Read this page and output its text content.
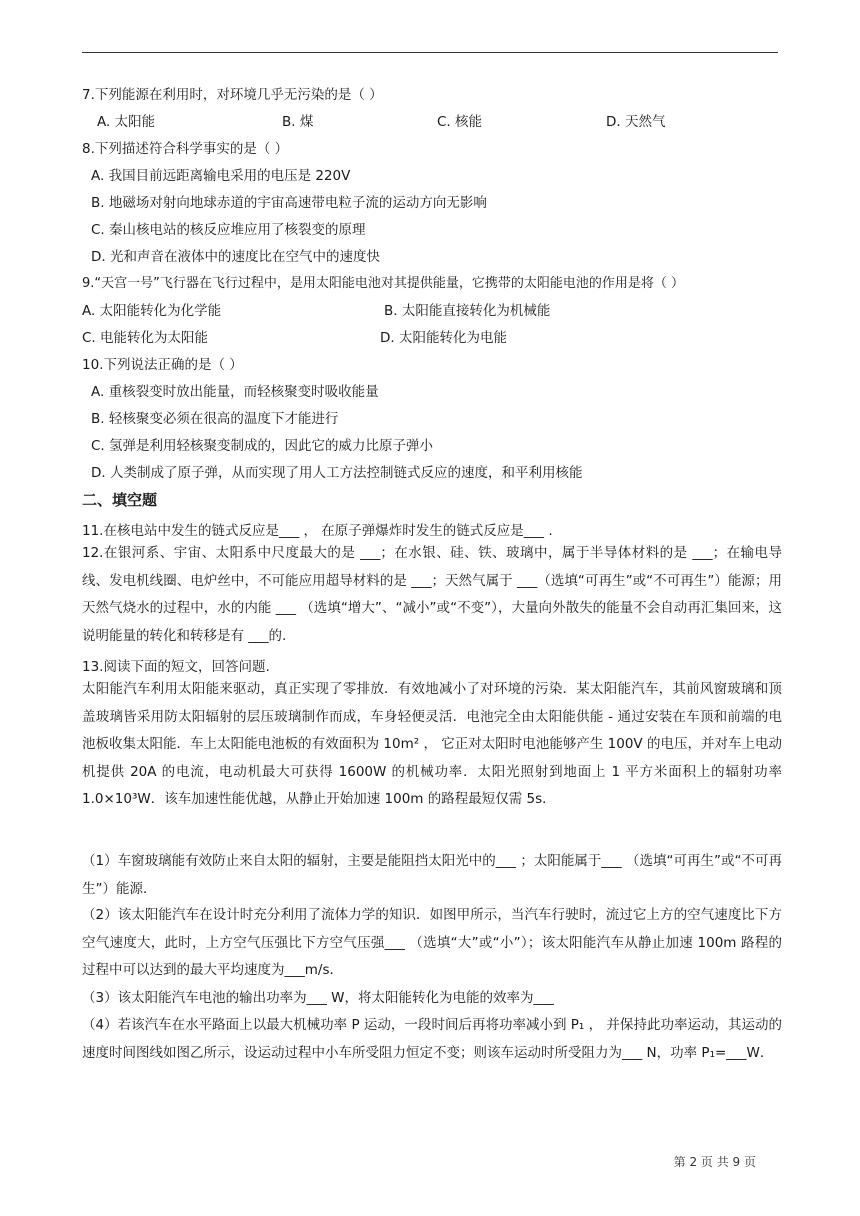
7.下列能源在利用时，对环境几乎无污染的是（ ）
A. 太阳能	B. 煤	C. 核能	D. 天然气
8.下列描述符合科学事实的是（ ）
A. 我国目前远距离输电采用的电压是 220V
B. 地磁场对射向地球赤道的宇宙高速带电粒子流的运动方向无影响
C. 秦山核电站的核反应堆应用了核裂变的原理
D. 光和声音在液体中的速度比在空气中的速度快
9.“天宫一号”飞行器在飞行过程中，是用太阳能电池对其提供能量，它携带的太阳能电池的作用是将（ ）
A. 太阳能转化为化学能	B. 太阳能直接转化为机械能
C. 电能转化为太阳能	D. 太阳能转化为电能
10.下列说法正确的是（ ）
A. 重核裂变时放出能量，而轻核聚变时吸收能量
B. 轻核聚变必须在很高的温度下才能进行
C. 氢弹是利用轻核聚变制成的，因此它的威力比原子弹小
D. 人类制成了原子弹，从而实现了用人工方法控制链式反应的速度，和平利用核能
二、填空题
11.在核电站中发生的链式反应是___ ， 在原子弹爆炸时发生的链式反应是___ .
12.在银河系、宇宙、太阳系中尺度最大的是 ___；在水银、硅、铁、玻璃中，属于半导体材料的是 ___；在输电导线、发电机线圈、电炉丝中，不可能应用超导材料的是 ___；天然气属于 ___（选填“可再生”或“不可再生”）能源；用天然气烧水的过程中，水的内能 ___ （选填“增大”、“减小”或“不变”），大量向外散失的能量不会自动再汇集回来，这说明能量的转化和转移是有 ___的.
13.阅读下面的短文，回答问题.
太阳能汽车利用太阳能来驱动，真正实现了零排放．有效地减小了对环境的污染．某太阳能汽车，其前风窗玻璃和顶盖玻璃皆采用防太阳辐射的层压玻璃制作而成，车身轻便灵活．电池完全由太阳能供能 - 通过安装在车顶和前端的电池板收集太阳能．车上太阳能电池板的有效面积为 10m² ， 它正对太阳时电池能够产生 100V 的电压，并对车上电动机提供 20A 的电流，电动机最大可获得 1600W 的机械功率．太阳光照射到地面上 1 平方米面积上的辐射功率 1.0×10³W．该车加速性能优越，从静止开始加速 100m 的路程最短仅需 5s．
（1）车窗玻璃能有效防止来自太阳的辐射，主要是能阻挡太阳光中的___ ；太阳能属于___ （选填“可再生”或“不可再生”）能源．
（2）该太阳能汽车在设计时充分利用了流体力学的知识．如图甲所示，当汽车行驶时，流过它上方的空气速度比下方空气速度大，此时，上方空气压强比下方空气压强___ （选填“大”或“小”）；该太阳能汽车从静止加速 100m 路程的过程中可以达到的最大平均速度为___m/s．
（3）该太阳能汽车电池的输出功率为___ W，将太阳能转化为电能的效率为___
（4）若该汽车在水平路面上以最大机械功率 P 运动，一段时间后再将功率减小到 P₁ ， 并保持此功率运动，其运动的速度时间图线如图乙所示，设运动过程中小车所受阻力恒定不变；则该车运动时所受阻力为___ N，功率 P₁=___W．
第 2 页 共 9 页
